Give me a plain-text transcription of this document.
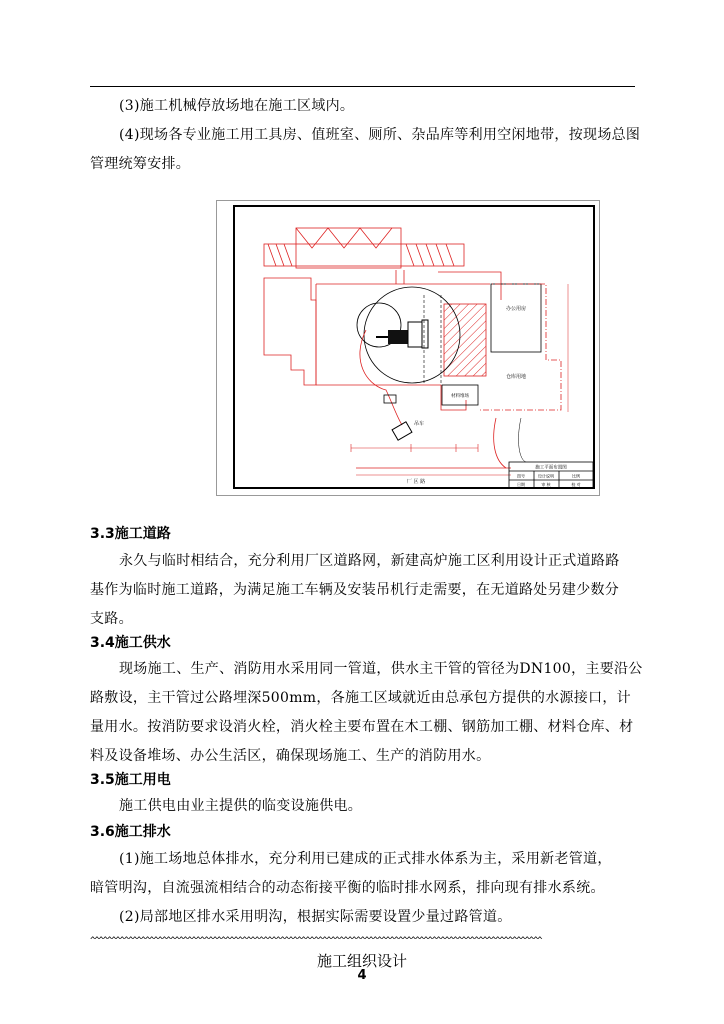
(3)施工机械停放场地在施工区域内。
(4)现场各专业施工用工具房、值班室、厕所、杂品库等利用空闲地带，按现场总图
管理统筹安排。
办公用房
仓库用地
材料堆场
吊车
厂 区 路
施工平面布置图
图号	设计说明	比例
日期	审 核	校 对
3.3施工道路
永久与临时相结合，充分利用厂区道路网，新建高炉施工区利用设计正式道路路
基作为临时施工道路，为满足施工车辆及安装吊机行走需要，在无道路处另建少数分
支路。
3.4施工供水
现场施工、生产、消防用水采用同一管道，供水主干管的管径为DN100，主要沿公
路敷设，主干管过公路埋深500mm，各施工区域就近由总承包方提供的水源接口，计
量用水。按消防要求设消火栓，消火栓主要布置在木工棚、钢筋加工棚、材料仓库、材
料及设备堆场、办公生活区，确保现场施工、生产的消防用水。
3.5施工用电
施工供电由业主提供的临变设施供电。
3.6施工排水
(1)施工场地总体排水，充分利用已建成的正式排水体系为主，采用新老管道，
暗管明沟，自流强流相结合的动态衔接平衡的临时排水网系，排向现有排水系统。
(2)局部地区排水采用明沟，根据实际需要设置少量过路管道。
^^^^^^^^^^^^^^^^^^^^^^^^^^^^^^^^^^^^^^^^^^^^^^^^^^^^^^^^^^^^^^^^^^^^^^^^^^^^^^^^^^^^^^^^^^^^^^^^^^^^^^^^^^^
施工组织设计
4
